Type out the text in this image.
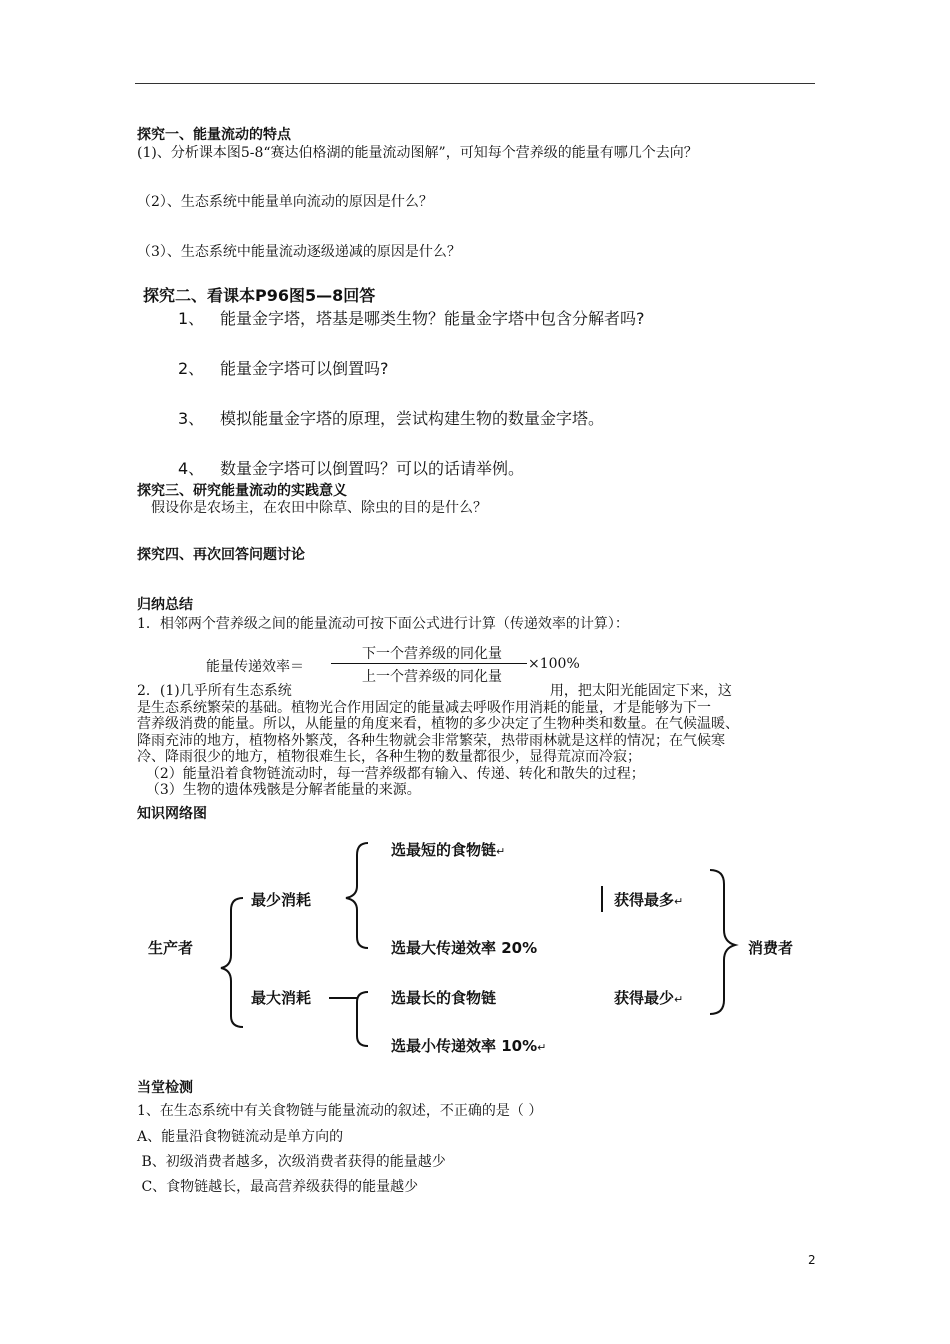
探究一、能量流动的特点
(1)、分析课本图5-8“赛达伯格湖的能量流动图解”，可知每个营养级的能量有哪几个去向？
（2）、生态系统中能量单向流动的原因是什么？
（3）、生态系统中能量流动逐级递减的原因是什么？
探究二、看课本P96图5—8回答
1、 能量金字塔，塔基是哪类生物？能量金字塔中包含分解者吗?
2、 能量金字塔可以倒置吗?
3、 模拟能量金字塔的原理，尝试构建生物的数量金字塔。
4、 数量金字塔可以倒置吗？可以的话请举例。
探究三、研究能量流动的实践意义
假设你是农场主，在农田中除草、除虫的目的是什么？
探究四、再次回答问题讨论
归纳总结
1．相邻两个营养级之间的能量流动可按下面公式进行计算（传递效率的计算）：
能量传递效率＝
下一个营养级的同化量
上一个营养级的同化量
×100%
2．(1)几乎所有生态系统                                                          用，把太阳光能固定下来，这
是生态系统繁荣的基础。植物光合作用固定的能量减去呼吸作用消耗的能量，才是能够为下一
营养级消费的能量。所以，从能量的角度来看，植物的多少决定了生物种类和数量。在气候温暖、
降雨充沛的地方，植物格外繁茂，各种生物就会非常繁荣，热带雨林就是这样的情况；在气候寒
冷、降雨很少的地方，植物很难生长，各种生物的数量都很少，显得荒凉而冷寂；
（2）能量沿着食物链流动时，每一营养级都有输入、传递、转化和散失的过程；
（3）生物的遗体残骸是分解者能量的来源。
知识网络图
生产者
最少消耗
最大消耗
选最短的食物链↵
选最大传递效率 20%
选最长的食物链
选最小传递效率 10%↵
获得最多↵
获得最少↵
消费者
当堂检测
1、在生态系统中有关食物链与能量流动的叙述，不正确的是（ ）
A、能量沿食物链流动是单方向的
B、初级消费者越多，次级消费者获得的能量越少
C、食物链越长，最高营养级获得的能量越少
2
